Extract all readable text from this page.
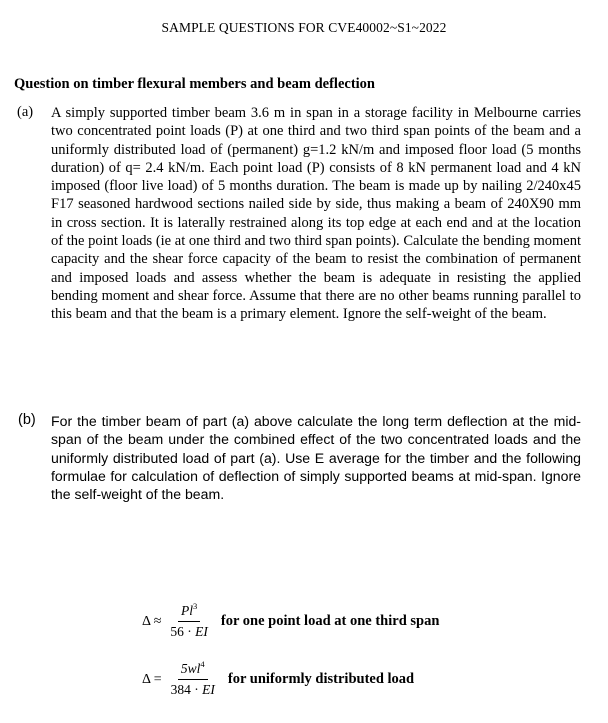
SAMPLE QUESTIONS FOR CVE40002~S1~2022
Question on timber flexural members and beam deflection
(a) A simply supported timber beam 3.6 m in span in a storage facility in Melbourne carries two concentrated point loads (P) at one third and two third span points of the beam and a uniformly distributed load of (permanent) g=1.2 kN/m and imposed floor load (5 months duration) of q= 2.4 kN/m. Each point load (P) consists of 8 kN permanent load and 4 kN imposed (floor live load) of 5 months duration. The beam is made up by nailing 2/240x45 F17 seasoned hardwood sections nailed side by side, thus making a beam of 240X90 mm in cross section. It is laterally restrained along its top edge at each end and at the location of the point loads (ie at one third and two third span points). Calculate the bending moment capacity and the shear force capacity of the beam to resist the combination of permanent and imposed loads and assess whether the beam is adequate in resisting the applied bending moment and shear force. Assume that there are no other beams running parallel to this beam and that the beam is a primary element. Ignore the self-weight of the beam.
(b) For the timber beam of part (a) above calculate the long term deflection at the mid-span of the beam under the combined effect of the two concentrated loads and the uniformly distributed load of part (a). Use E average for the timber and the following formulae for calculation of deflection of simply supported beams at mid-span. Ignore the self-weight of the beam.
$\Delta \approx \frac{Pl^3}{56 \cdot EI}$ for one point load at one third span
$\Delta = \frac{5wl^4}{384 \cdot EI}$ for uniformly distributed load
